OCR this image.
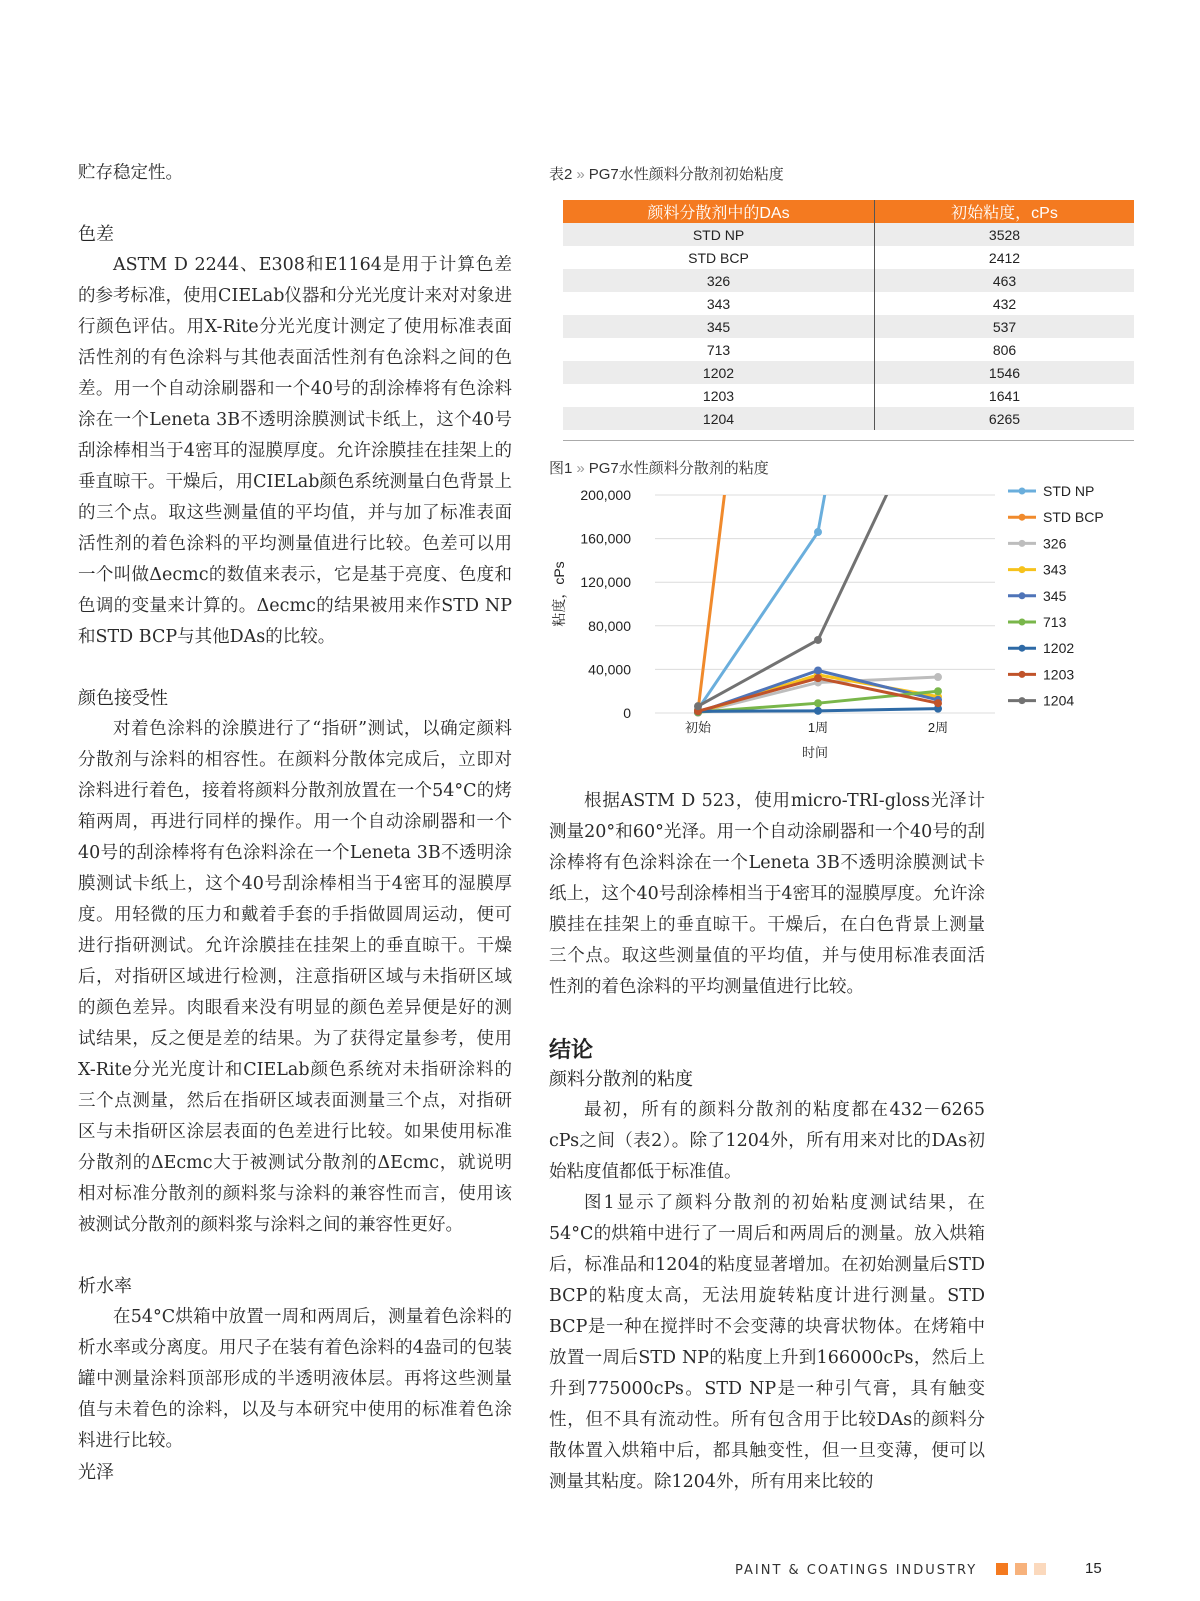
贮存稳定性。

色差

ASTM D 2244、E308和E1164是用于计算色差的参考标准，使用CIELab仪器和分光光度计来对对象进行颜色评估。用X-Rite分光光度计测定了使用标准表面活性剂的有色涂料与其他表面活性剂有色涂料之间的色差。用一个自动涂刷器和一个40号的刮涂棒将有色涂料涂在一个Leneta 3B不透明涂膜测试卡纸上，这个40号刮涂棒相当于4密耳的湿膜厚度。允许涂膜挂在挂架上的垂直晾干。干燥后，用CIELab颜色系统测量白色背景上的三个点。取这些测量值的平均值，并与加了标准表面活性剂的着色涂料的平均测量值进行比较。色差可以用一个叫做Δecmc的数值来表示，它是基于亮度、色度和色调的变量来计算的。Δecmc的结果被用来作STD NP和STD BCP与其他DAs的比较。

颜色接受性

对着色涂料的涂膜进行了“指研”测试，以确定颜料分散剂与涂料的相容性。在颜料分散体完成后，立即对涂料进行着色，接着将颜料分散剂放置在一个54°C的烤箱两周，再进行同样的操作。用一个自动涂刷器和一个40号的刮涂棒将有色涂料涂在一个Leneta 3B不透明涂膜测试卡纸上，这个40号刮涂棒相当于4密耳的湿膜厚度。用轻微的压力和戴着手套的手指做圆周运动，便可进行指研测试。允许涂膜挂在挂架上的垂直晾干。干燥后，对指研区域进行检测，注意指研区域与未指研区域的颜色差异。肉眼看来没有明显的颜色差异便是好的测试结果，反之便是差的结果。为了获得定量参考，使用X-Rite分光光度计和CIELab颜色系统对未指研涂料的三个点测量，然后在指研区域表面测量三个点，对指研区与未指研区涂层表面的色差进行比较。如果使用标准分散剂的ΔEcmc大于被测试分散剂的ΔEcmc，就说明相对标准分散剂的颜料浆与涂料的兼容性而言，使用该被测试分散剂的颜料浆与涂料之间的兼容性更好。

析水率

在54°C烘箱中放置一周和两周后，测量着色涂料的析水率或分离度。用尺子在装有着色涂料的4盎司的包装罐中测量涂料顶部形成的半透明液体层。再将这些测量值与未着色的涂料，以及与本研究中使用的标准着色涂料进行比较。

光泽

表2 » PG7水性颜料分散剂初始粘度
颜料分散剂中的DAs	初始粘度，cPs
STD NP	3528
STD BCP	2412
326	463
343	432
345	537
713	806
1202	1546
1203	1641
1204	6265
图1 » PG7水性颜料分散剂的粘度
0
40,000
80,000
120,000
160,000
200,000
初始	1周	2周
时间
粘度，cPs
STD NP
STD BCP
326
343
345
713
1202
1203
1204

根据ASTM D 523，使用micro-TRI-gloss光泽计测量20°和60°光泽。用一个自动涂刷器和一个40号的刮涂棒将有色涂料涂在一个Leneta 3B不透明涂膜测试卡纸上，这个40号刮涂棒相当于4密耳的湿膜厚度。允许涂膜挂在挂架上的垂直晾干。干燥后，在白色背景上测量三个点。取这些测量值的平均值，并与使用标准表面活性剂的着色涂料的平均测量值进行比较。

结论

颜料分散剂的粘度

最初，所有的颜料分散剂的粘度都在432－6265 cPs之间（表2）。除了1204外，所有用来对比的DAs初始粘度值都低于标准值。

图1显示了颜料分散剂的初始粘度测试结果，在54°C的烘箱中进行了一周后和两周后的测量。放入烘箱后，标准品和1204的粘度显著增加。在初始测量后STD BCP的粘度太高，无法用旋转粘度计进行测量。STD BCP是一种在搅拌时不会变薄的块膏状物体。在烤箱中放置一周后STD NP的粘度上升到166000cPs，然后上升到775000cPs。STD NP是一种引气膏，具有触变性，但不具有流动性。所有包含用于比较DAs的颜料分散体置入烘箱中后，都具触变性，但一旦变薄，便可以测量其粘度。除1204外，所有用来比较的

PAINT & COATINGS INDUSTRY	15
